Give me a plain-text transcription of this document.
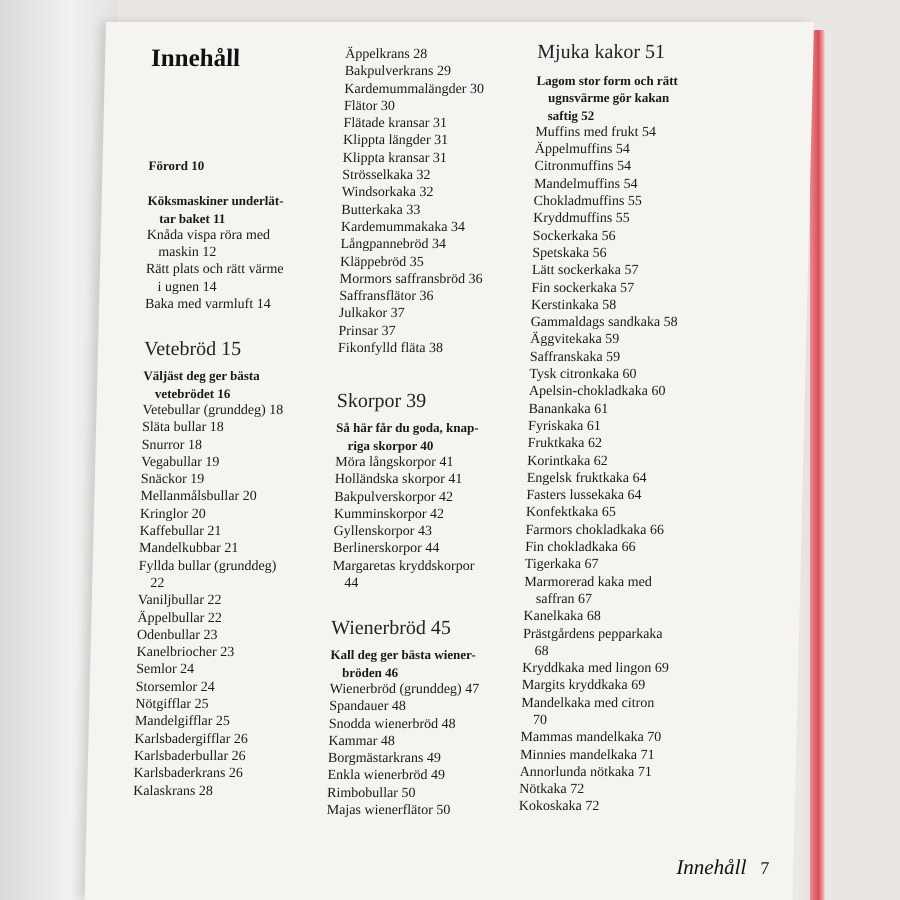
Innehåll

Förord 10

Köksmaskiner underlät-
tar baket 11

Knåda vispa röra med
maskin 12

Rätt plats och rätt värme
i ugnen 14

Baka med varmluft 14

Vetebröd 15

Väljäst deg ger bästa
vetebrödet 16

Vetebullar (grunddeg) 18

Släta bullar 18

Snurror 18

Vegabullar 19

Snäckor 19

Mellanmålsbullar 20

Kringlor 20

Kaffebullar 21

Mandelkubbar 21

Fyllda bullar (grunddeg)
22

Vaniljbullar 22

Äppelbullar 22

Odenbullar 23

Kanelbriocher 23

Semlor 24

Storsemlor 24

Nötgifflar 25

Mandelgifflar 25

Karlsbadergifflar 26

Karlsbaderbullar 26

Karlsbaderkrans 26

Kalaskrans 28

Äppelkrans 28

Bakpulverkrans 29

Kardemummalängder 30

Flätor 30

Flätade kransar 31

Klippta längder 31

Klippta kransar 31

Strösselkaka 32

Windsorkaka 32

Butterkaka 33

Kardemummakaka 34

Långpannebröd 34

Kläppebröd 35

Mormors saffransbröd 36

Saffransflätor 36

Julkakor 37

Prinsar 37

Fikonfylld fläta 38

Skorpor 39

Så här får du goda, knap-
riga skorpor 40

Möra långskorpor 41

Holländska skorpor 41

Bakpulverskorpor 42

Kumminskorpor 42

Gyllenskorpor 43

Berlinerskorpor 44

Margaretas kryddskorpor
44

Wienerbröd 45

Kall deg ger bästa wiener-
bröden 46

Wienerbröd (grunddeg) 47

Spandauer 48

Snodda wienerbröd 48

Kammar 48

Borgmästarkrans 49

Enkla wienerbröd 49

Rimbobullar 50

Majas wienerflätor 50

Mjuka kakor 51

Lagom stor form och rätt
ugnsvärme gör kakan
saftig 52

Muffins med frukt 54

Äppelmuffins 54

Citronmuffins 54

Mandelmuffins 54

Chokladmuffins 55

Kryddmuffins 55

Sockerkaka 56

Spetskaka 56

Lätt sockerkaka 57

Fin sockerkaka 57

Kerstinkaka 58

Gammaldags sandkaka 58

Äggvitekaka 59

Saffranskaka 59

Tysk citronkaka 60

Apelsin-chokladkaka 60

Banankaka 61

Fyriskaka 61

Fruktkaka 62

Korintkaka 62

Engelsk fruktkaka 64

Fasters lussekaka 64

Konfektkaka 65

Farmors chokladkaka 66

Fin chokladkaka 66

Tigerkaka 67

Marmorerad kaka med
saffran 67

Kanelkaka 68

Prästgårdens pepparkaka
68

Kryddkaka med lingon 69

Margits kryddkaka 69

Mandelkaka med citron
70

Mammas mandelkaka 70

Minnies mandelkaka 71

Annorlunda nötkaka 71

Nötkaka 72

Kokoskaka 72

Innehåll 7
